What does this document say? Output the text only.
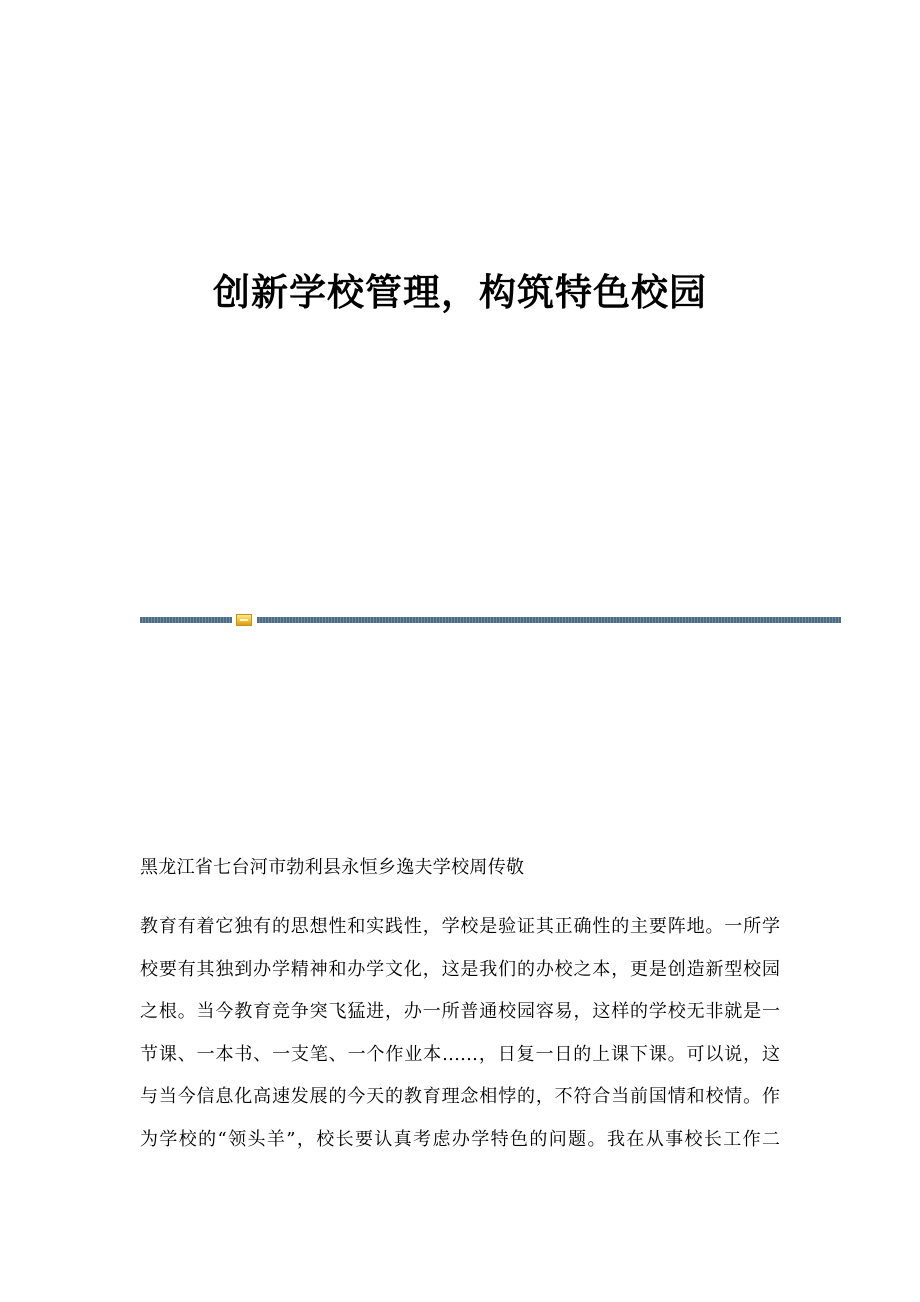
创新学校管理，构筑特色校园

黑龙江省七台河市勃利县永恒乡逸夫学校周传敬

教育有着它独有的思想性和实践性，学校是验证其正确性的主要阵地。一所学
校要有其独到办学精神和办学文化，这是我们的办校之本，更是创造新型校园
之根。当今教育竞争突飞猛进，办一所普通校园容易，这样的学校无非就是一
节课、一本书、一支笔、一个作业本……，日复一日的上课下课。可以说，这
与当今信息化高速发展的今天的教育理念相悖的，不符合当前国情和校情。作
为学校的“领头羊”，校长要认真考虑办学特色的问题。我在从事校长工作二
